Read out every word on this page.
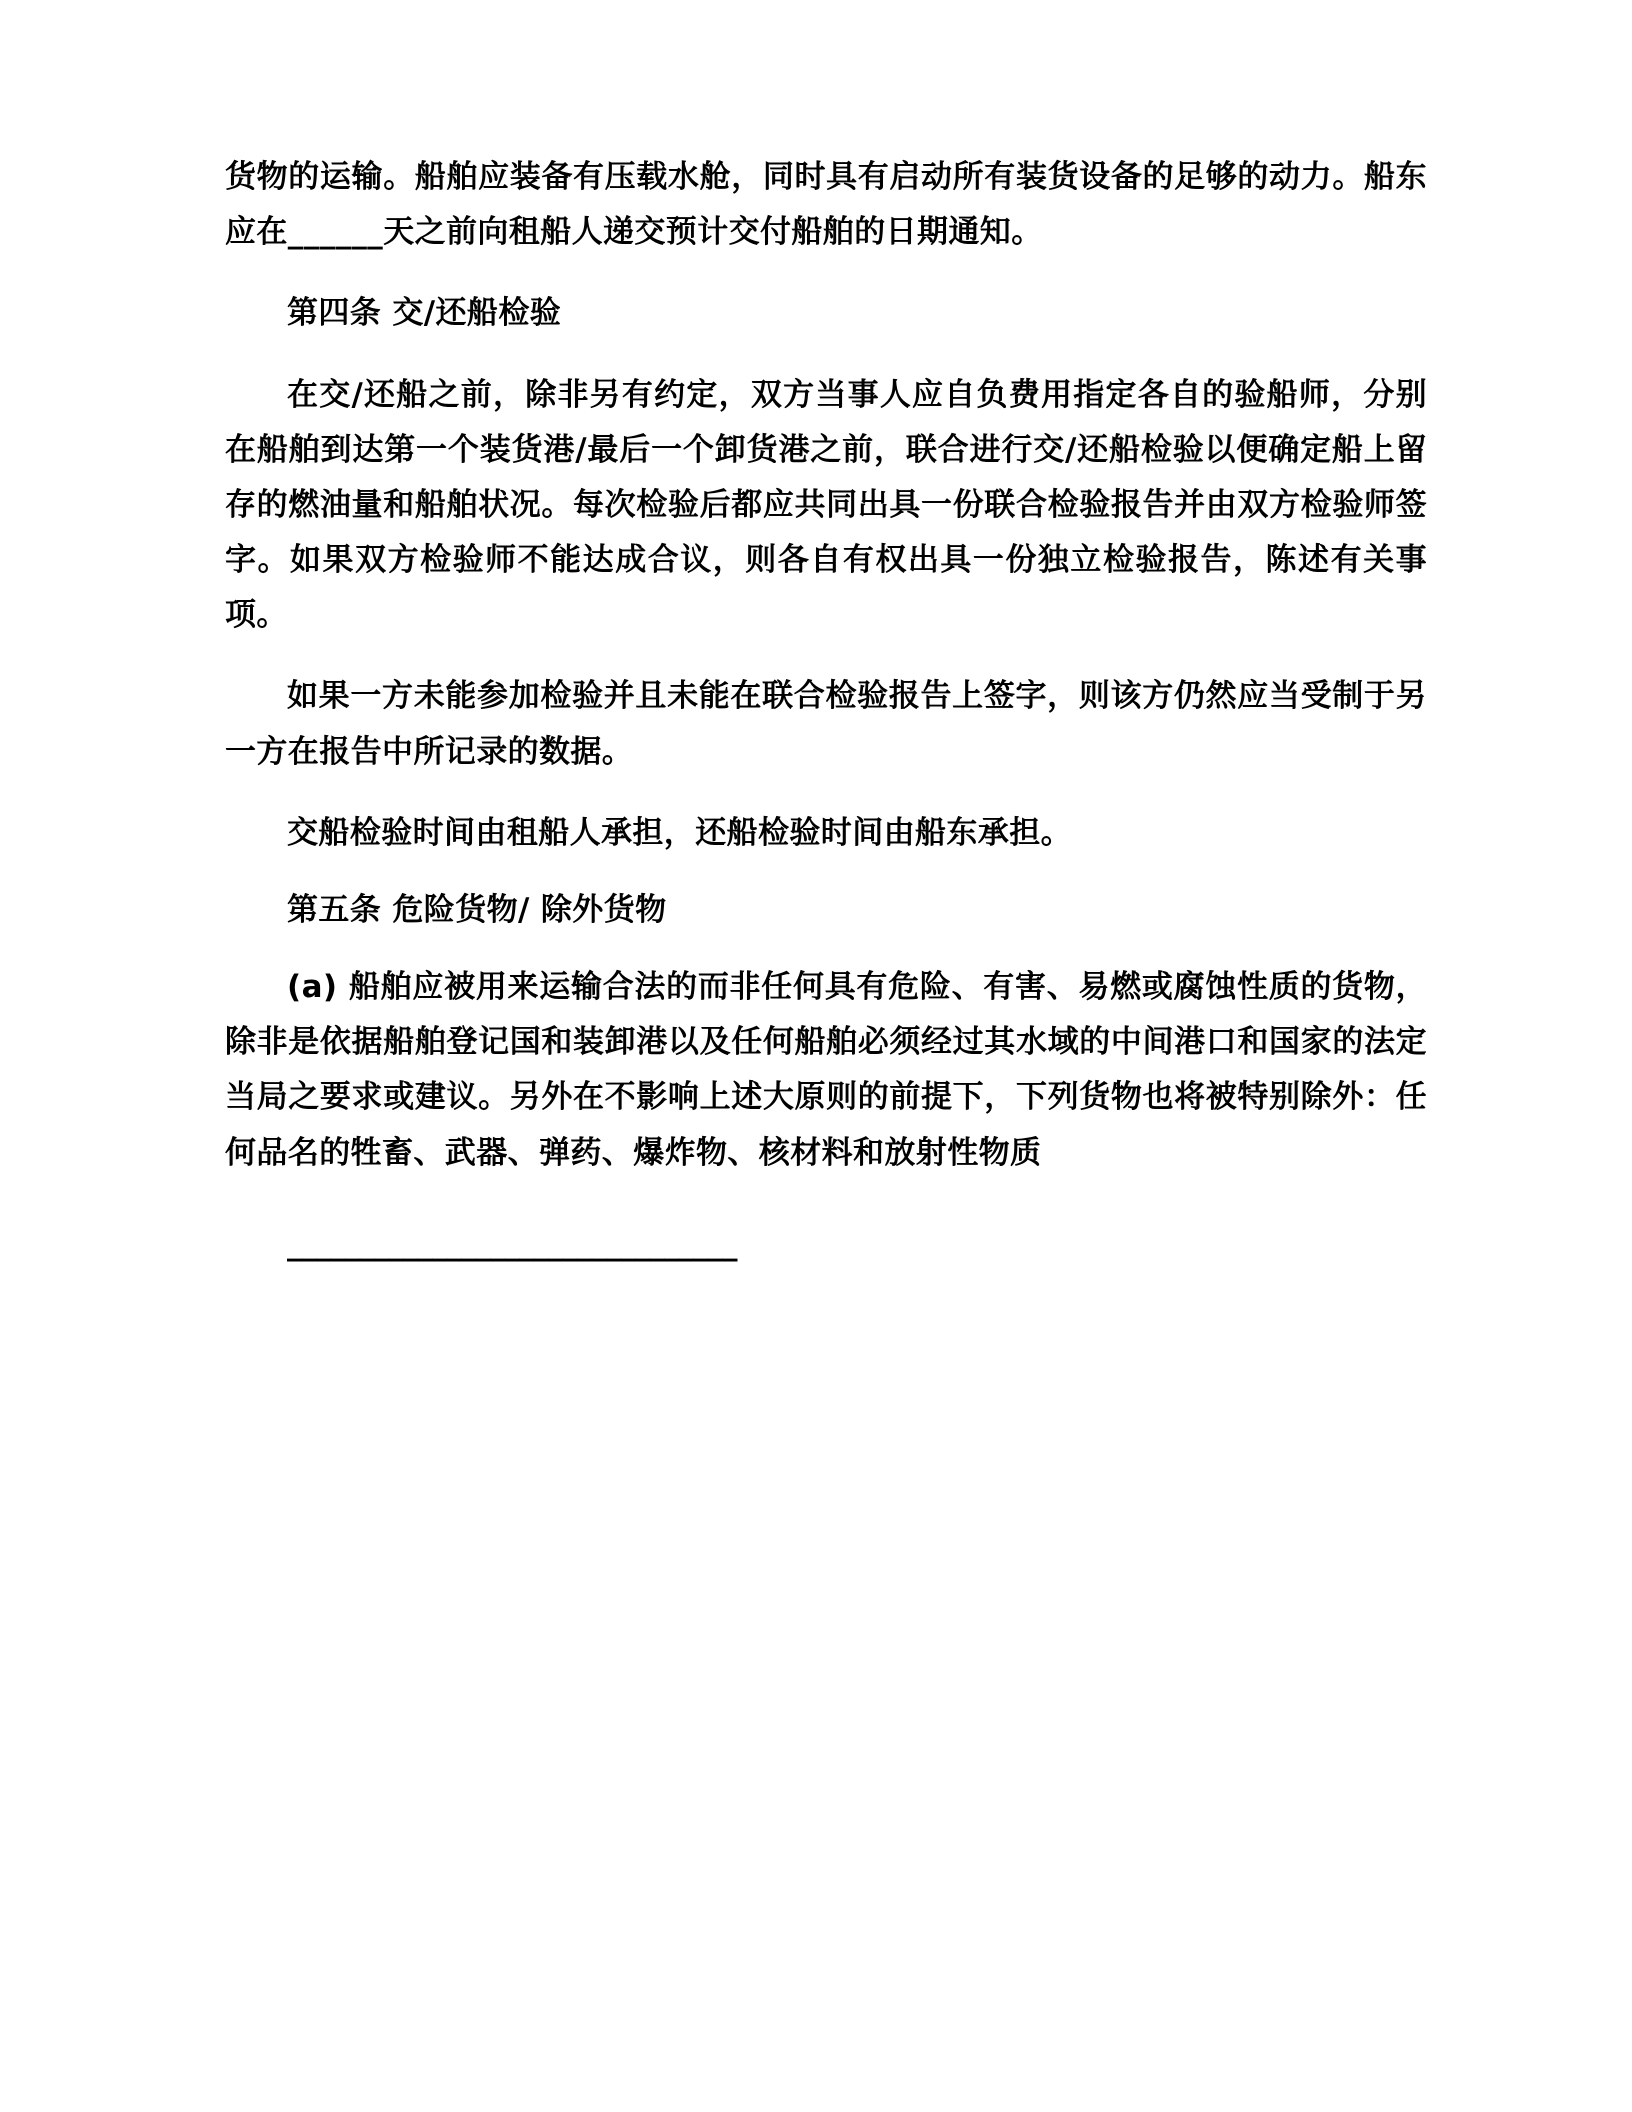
货物的运输。船舶应装备有压载水舱，同时具有启动所有装货设备的足够的动力。船东应在______天之前向租船人递交预计交付船舶的日期通知。

第四条 交/还船检验

在交/还船之前，除非另有约定，双方当事人应自负费用指定各自的验船师，分别在船舶到达第一个装货港/最后一个卸货港之前，联合进行交/还船检验以便确定船上留存的燃油量和船舶状况。每次检验后都应共同出具一份联合检验报告并由双方检验师签字。如果双方检验师不能达成合议，则各自有权出具一份独立检验报告，陈述有关事项。

如果一方未能参加检验并且未能在联合检验报告上签字，则该方仍然应当受制于另一方在报告中所记录的数据。

交船检验时间由租船人承担，还船检验时间由船东承担。

第五条 危险货物/ 除外货物

(a) 船舶应被用来运输合法的而非任何具有危险、有害、易燃或腐蚀性质的货物，除非是依据船舶登记国和装卸港以及任何船舶必须经过其水域的中间港口和国家的法定当局之要求或建议。另外在不影响上述大原则的前提下，下列货物也将被特别除外：任何品名的牲畜、武器、弹药、爆炸物、核材料和放射性物质

_______________________________
